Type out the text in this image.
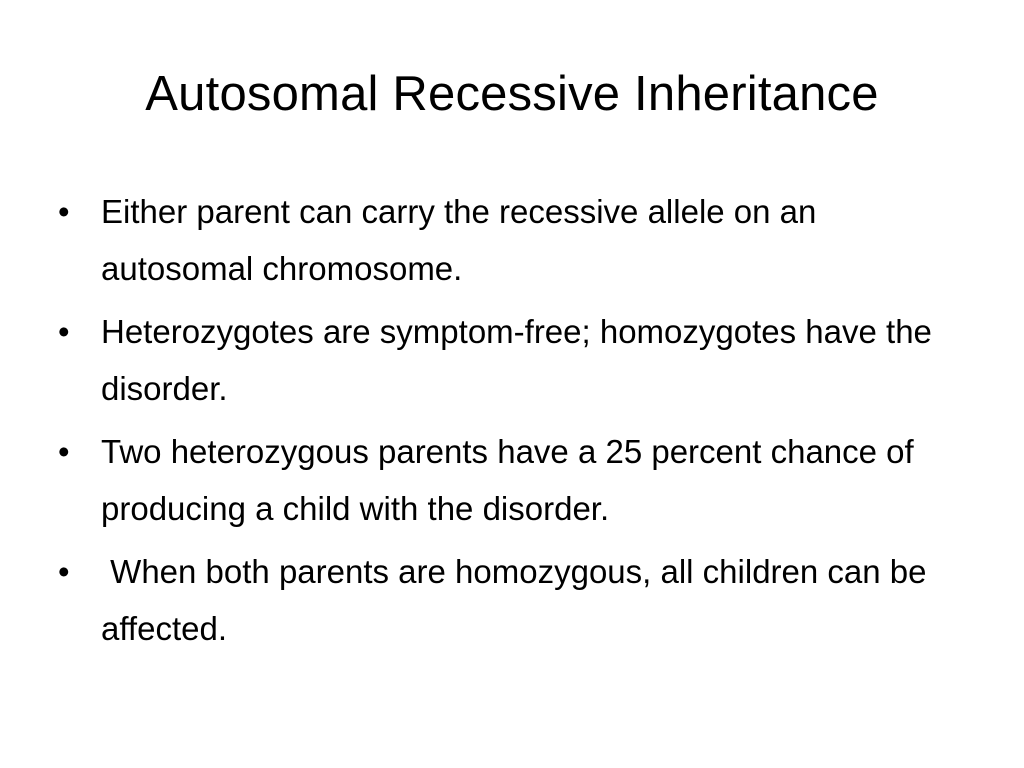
Autosomal Recessive Inheritance
• Either parent can carry the recessive allele on an autosomal chromosome.
• Heterozygotes are symptom-free; homozygotes have the disorder.
• Two heterozygous parents have a 25 percent chance of producing a child with the disorder.
• When both parents are homozygous, all children can be affected.
